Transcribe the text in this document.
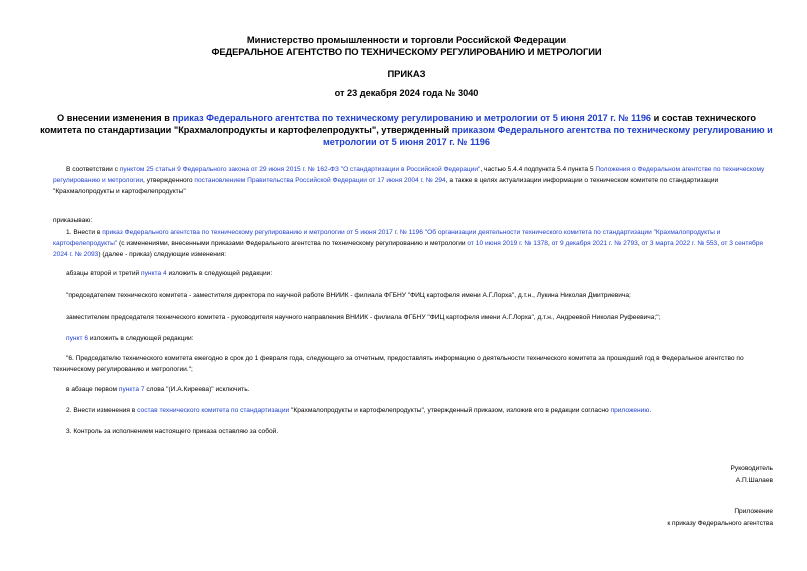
Министерство промышленности и торговли Российской Федерации
ФЕДЕРАЛЬНОЕ АГЕНТСТВО ПО ТЕХНИЧЕСКОМУ РЕГУЛИРОВАНИЮ И МЕТРОЛОГИИ
ПРИКАЗ
от 23 декабря 2024 года № 3040
О внесении изменения в приказ Федерального агентства по техническому регулированию и метрологии от 5 июня 2017 г. № 1196 и состав технического комитета по стандартизации "Крахмалопродукты и картофелепродукты", утвержденный приказом Федерального агентства по техническому регулированию и метрологии от 5 июня 2017 г. № 1196
В соответствии с пунктом 25 статьи 9 Федерального закона от 29 июня 2015 г. № 162-ФЗ "О стандартизации в Российской Федерации", частью 5.4.4 подпункта 5.4 пункта 5 Положения о Федеральном агентстве по техническому регулированию и метрологии, утвержденного постановлением Правительства Российской Федерации от 17 июня 2004 г. № 294, а также в целях актуализации информации о техническом комитете по стандартизации "Крахмалопродукты и картофелепродукты"
приказываю:
1. Внести в приказ Федерального агентства по техническому регулированию и метрологии от 5 июня 2017 г. № 1196 "Об организации деятельности технического комитета по стандартизации "Крахмалопродукты и картофелепродукты" (с изменениями, внесенными приказами Федерального агентства по техническому регулированию и метрологии от 10 июня 2019 г. № 1378, от 9 декабря 2021 г. № 2793, от 3 марта 2022 г. № 553, от 3 сентября 2024 г. № 2093) (далее - приказ) следующие изменения:
абзацы второй и третий пункта 4 изложить в следующей редакции:
"председателем технического комитета - заместителя директора по научной работе ВНИИК - филиала ФГБНУ "ФИЦ картофеля имени А.Г.Лорха", д.т.н., Лукина Николая Дмитриевича;
заместителем председателя технического комитета - руководителя научного направления ВНИИК - филиала ФГБНУ "ФИЦ картофеля имени А.Г.Лорха", д.т.н., Андреевой Николая Руфеевича;";
пункт 6 изложить в следующей редакции:
"6. Председателю технического комитета ежегодно в срок до 1 февраля года, следующего за отчетным, предоставлять информацию о деятельности технического комитета за прошедший год в Федеральное агентство по техническому регулированию и метрологии.";
в абзаце первом пункта 7 слова "(И.А.Киреева)" исключить.
2. Внести изменения в состав технического комитета по стандартизации "Крахмалопродукты и картофелепродукты", утвержденный приказом, изложив его в редакции согласно приложению.
3. Контроль за исполнением настоящего приказа оставляю за собой.
Руководитель
А.П.Шалаев
Приложение
к приказу Федерального агентства
